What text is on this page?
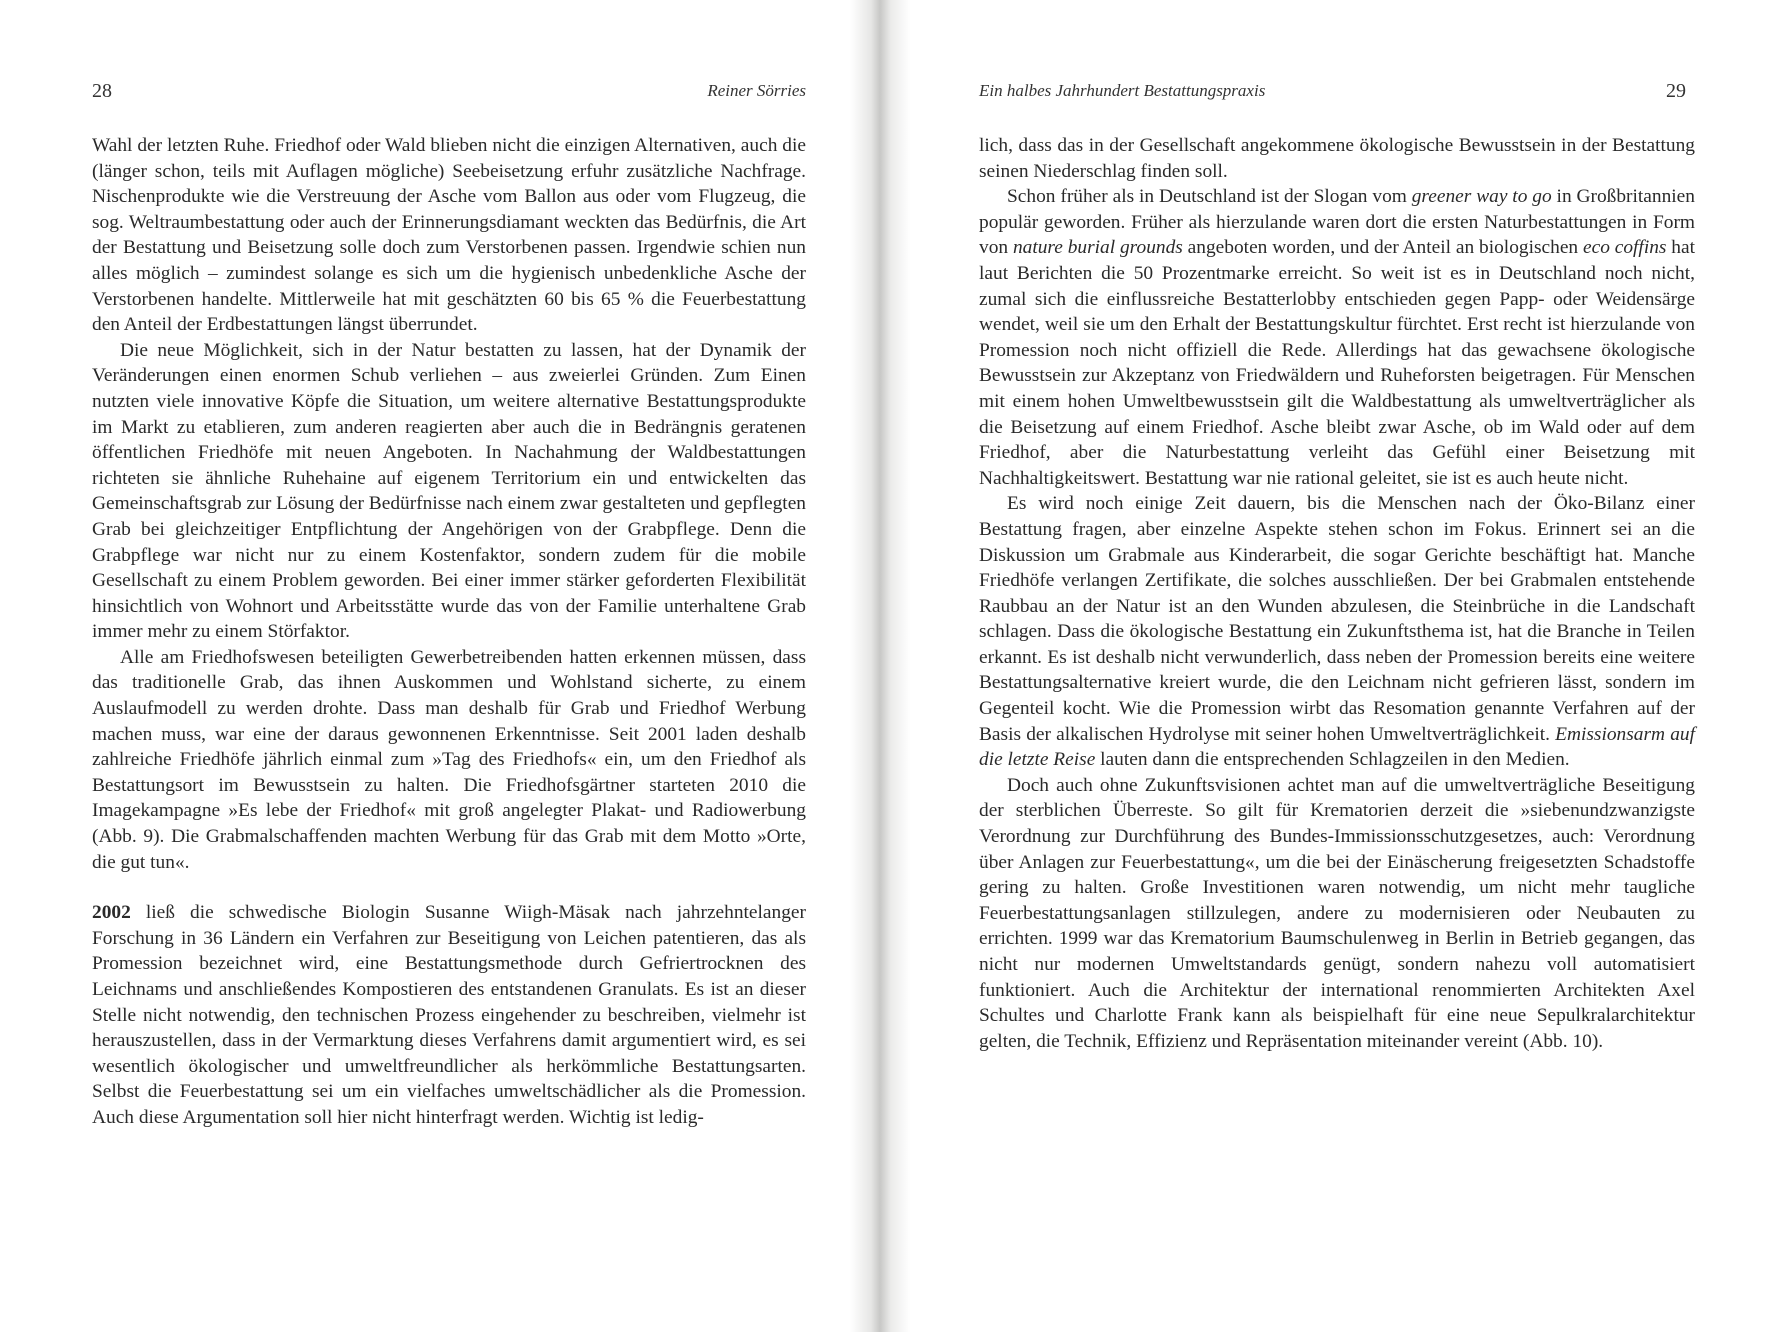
28	Reiner Sörries

Wahl der letzten Ruhe. Friedhof oder Wald blieben nicht die einzigen Alternativen, auch die (länger schon, teils mit Auflagen mögliche) Seebeisetzung erfuhr zusätzliche Nachfrage. Nischenprodukte wie die Verstreuung der Asche vom Ballon aus oder vom Flugzeug, die sog. Weltraumbestattung oder auch der Erinnerungsdiamant weckten das Bedürfnis, die Art der Bestattung und Beisetzung solle doch zum Verstorbenen passen. Irgendwie schien nun alles möglich – zumindest solange es sich um die hygienisch unbedenkliche Asche der Verstorbenen handelte. Mittlerweile hat mit geschätzten 60 bis 65 % die Feuerbestattung den Anteil der Erdbestattungen längst überrundet.

Die neue Möglichkeit, sich in der Natur bestatten zu lassen, hat der Dynamik der Veränderungen einen enormen Schub verliehen – aus zweierlei Gründen. Zum Einen nutzten viele innovative Köpfe die Situation, um weitere alternative Bestattungsprodukte im Markt zu etablieren, zum anderen reagierten aber auch die in Bedrängnis geratenen öffentlichen Friedhöfe mit neuen Angeboten. In Nachahmung der Waldbestattungen richteten sie ähnliche Ruhehaine auf eigenem Territorium ein und entwickelten das Gemeinschaftsgrab zur Lösung der Bedürfnisse nach einem zwar gestalteten und gepflegten Grab bei gleichzeitiger Entpflichtung der Angehörigen von der Grabpflege. Denn die Grabpflege war nicht nur zu einem Kostenfaktor, sondern zudem für die mobile Gesellschaft zu einem Problem geworden. Bei einer immer stärker geforderten Flexibilität hinsichtlich von Wohnort und Arbeitsstätte wurde das von der Familie unterhaltene Grab immer mehr zu einem Störfaktor.

Alle am Friedhofswesen beteiligten Gewerbetreibenden hatten erkennen müssen, dass das traditionelle Grab, das ihnen Auskommen und Wohlstand sicherte, zu einem Auslaufmodell zu werden drohte. Dass man deshalb für Grab und Friedhof Werbung machen muss, war eine der daraus gewonnenen Erkenntnisse. Seit 2001 laden deshalb zahlreiche Friedhöfe jährlich einmal zum »Tag des Friedhofs« ein, um den Friedhof als Bestattungsort im Bewusstsein zu halten. Die Friedhofsgärtner starteten 2010 die Imagekampagne »Es lebe der Friedhof« mit groß angelegter Plakat- und Radiowerbung (Abb. 9). Die Grabmalschaffenden machten Werbung für das Grab mit dem Motto »Orte, die gut tun«.

2002 ließ die schwedische Biologin Susanne Wiigh-Mäsak nach jahrzehntelanger Forschung in 36 Ländern ein Verfahren zur Beseitigung von Leichen patentieren, das als Promession bezeichnet wird, eine Bestattungsmethode durch Gefriertrocknen des Leichnams und anschließendes Kompostieren des entstandenen Granulats. Es ist an dieser Stelle nicht notwendig, den technischen Prozess eingehender zu beschreiben, vielmehr ist herauszustellen, dass in der Vermarktung dieses Verfahrens damit argumentiert wird, es sei wesentlich ökologischer und umweltfreundlicher als herkömmliche Bestattungsarten. Selbst die Feuerbestattung sei um ein vielfaches umweltschädlicher als die Promession. Auch diese Argumentation soll hier nicht hinterfragt werden. Wichtig ist ledig-

Ein halbes Jahrhundert Bestattungspraxis	29

lich, dass das in der Gesellschaft angekommene ökologische Bewusstsein in der Bestattung seinen Niederschlag finden soll.

Schon früher als in Deutschland ist der Slogan vom greener way to go in Großbritannien populär geworden. Früher als hierzulande waren dort die ersten Naturbestattungen in Form von nature burial grounds angeboten worden, und der Anteil an biologischen eco coffins hat laut Berichten die 50 Prozentmarke erreicht. So weit ist es in Deutschland noch nicht, zumal sich die einflussreiche Bestatterlobby entschieden gegen Papp- oder Weidensärge wendet, weil sie um den Erhalt der Bestattungskultur fürchtet. Erst recht ist hierzulande von Promession noch nicht offiziell die Rede. Allerdings hat das gewachsene ökologische Bewusstsein zur Akzeptanz von Friedwäldern und Ruheforsten beigetragen. Für Menschen mit einem hohen Umweltbewusstsein gilt die Waldbestattung als umweltverträglicher als die Beisetzung auf einem Friedhof. Asche bleibt zwar Asche, ob im Wald oder auf dem Friedhof, aber die Naturbestattung verleiht das Gefühl einer Beisetzung mit Nachhaltigkeitswert. Bestattung war nie rational geleitet, sie ist es auch heute nicht.

Es wird noch einige Zeit dauern, bis die Menschen nach der Öko-Bilanz einer Bestattung fragen, aber einzelne Aspekte stehen schon im Fokus. Erinnert sei an die Diskussion um Grabmale aus Kinderarbeit, die sogar Gerichte beschäftigt hat. Manche Friedhöfe verlangen Zertifikate, die solches ausschließen. Der bei Grabmalen entstehende Raubbau an der Natur ist an den Wunden abzulesen, die Steinbrüche in die Landschaft schlagen. Dass die ökologische Bestattung ein Zukunftsthema ist, hat die Branche in Teilen erkannt. Es ist deshalb nicht verwunderlich, dass neben der Promession bereits eine weitere Bestattungsalternative kreiert wurde, die den Leichnam nicht gefrieren lässt, sondern im Gegenteil kocht. Wie die Promession wirbt das Resomation genannte Verfahren auf der Basis der alkalischen Hydrolyse mit seiner hohen Umweltverträglichkeit. Emissionsarm auf die letzte Reise lauten dann die entsprechenden Schlagzeilen in den Medien.

Doch auch ohne Zukunftsvisionen achtet man auf die umweltverträgliche Beseitigung der sterblichen Überreste. So gilt für Krematorien derzeit die »siebenundzwanzigste Verordnung zur Durchführung des Bundes-Immissionsschutzgesetzes, auch: Verordnung über Anlagen zur Feuerbestattung«, um die bei der Einäscherung freigesetzten Schadstoffe gering zu halten. Große Investitionen waren notwendig, um nicht mehr taugliche Feuerbestattungsanlagen stillzulegen, andere zu modernisieren oder Neubauten zu errichten. 1999 war das Krematorium Baumschulenweg in Berlin in Betrieb gegangen, das nicht nur modernen Umweltstandards genügt, sondern nahezu voll automatisiert funktioniert. Auch die Architektur der international renommierten Architekten Axel Schultes und Charlotte Frank kann als beispielhaft für eine neue Sepulkralarchitektur gelten, die Technik, Effizienz und Repräsentation miteinander vereint (Abb. 10).
